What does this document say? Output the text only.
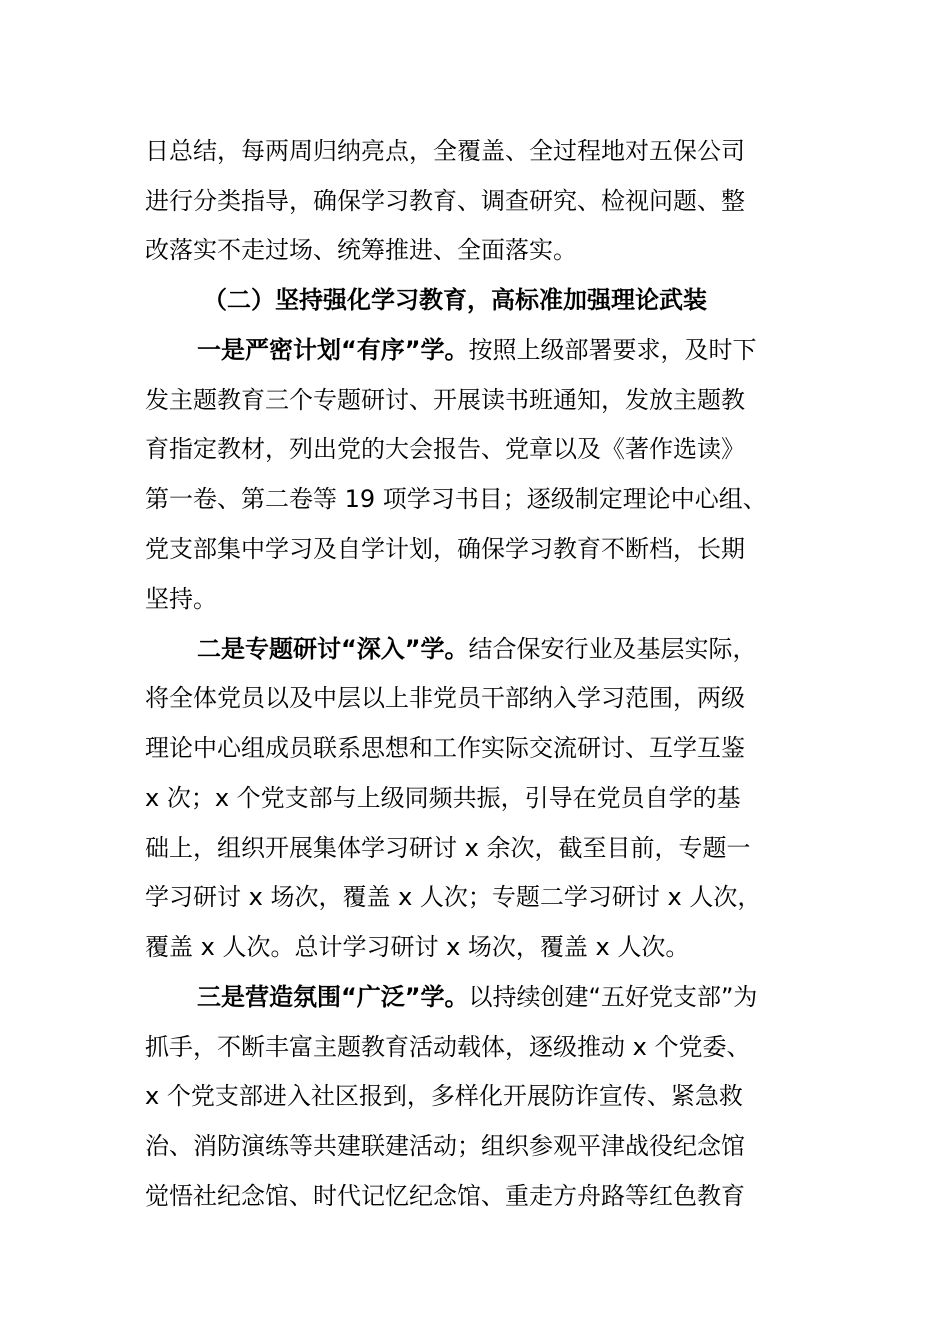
日总结，每两周归纳亮点，全覆盖、全过程地对五保公司
进行分类指导，确保学习教育、调查研究、检视问题、整
改落实不走过场、统筹推进、全面落实。
（二）坚持强化学习教育，高标准加强理论武装
一是严密计划“有序”学。按照上级部署要求，及时下
发主题教育三个专题研讨、开展读书班通知，发放主题教
育指定教材，列出党的大会报告、党章以及《著作选读》
第一卷、第二卷等 19 项学习书目；逐级制定理论中心组、
党支部集中学习及自学计划，确保学习教育不断档，长期
坚持。
二是专题研讨“深入”学。结合保安行业及基层实际，
将全体党员以及中层以上非党员干部纳入学习范围，两级
理论中心组成员联系思想和工作实际交流研讨、互学互鉴
x 次；x 个党支部与上级同频共振，引导在党员自学的基
础上，组织开展集体学习研讨 x 余次，截至目前，专题一
学习研讨 x 场次，覆盖 x 人次；专题二学习研讨 x 人次，
覆盖 x 人次。总计学习研讨 x 场次，覆盖 x 人次。
三是营造氛围“广泛”学。以持续创建“五好党支部”为
抓手，不断丰富主题教育活动载体，逐级推动 x 个党委、
x 个党支部进入社区报到，多样化开展防诈宣传、紧急救
治、消防演练等共建联建活动；组织参观平津战役纪念馆
觉悟社纪念馆、时代记忆纪念馆、重走方舟路等红色教育
